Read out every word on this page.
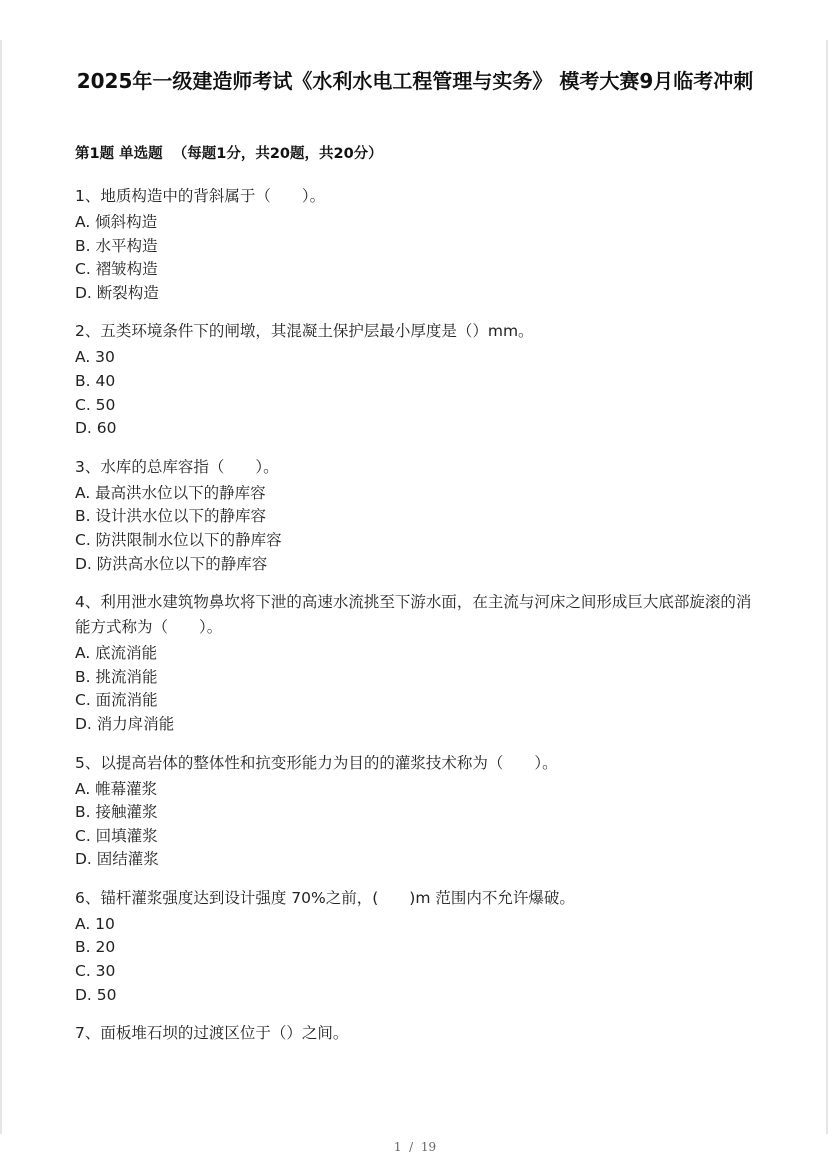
2025年一级建造师考试《水利水电工程管理与实务》 模考大赛9月临考冲刺
第1题 单选题  （每题1分，共20题，共20分）
1、地质构造中的背斜属于（　　）。
A. 倾斜构造
B. 水平构造
C. 褶皱构造
D. 断裂构造
2、五类环境条件下的闸墩，其混凝土保护层最小厚度是（）mm。
A. 30
B. 40
C. 50
D. 60
3、水库的总库容指（　　）。
A. 最高洪水位以下的静库容
B. 设计洪水位以下的静库容
C. 防洪限制水位以下的静库容
D. 防洪高水位以下的静库容
4、利用泄水建筑物鼻坎将下泄的高速水流挑至下游水面，在主流与河床之间形成巨大底部旋滚的消能方式称为（　　）。
A. 底流消能
B. 挑流消能
C. 面流消能
D. 消力戽消能
5、以提高岩体的整体性和抗变形能力为目的的灌浆技术称为（　　）。
A. 帷幕灌浆
B. 接触灌浆
C. 回填灌浆
D. 固结灌浆
6、锚杆灌浆强度达到设计强度 70%之前，(　　)m 范围内不允许爆破。
A. 10
B. 20
C. 30
D. 50
7、面板堆石坝的过渡区位于（）之间。
1  /  19
